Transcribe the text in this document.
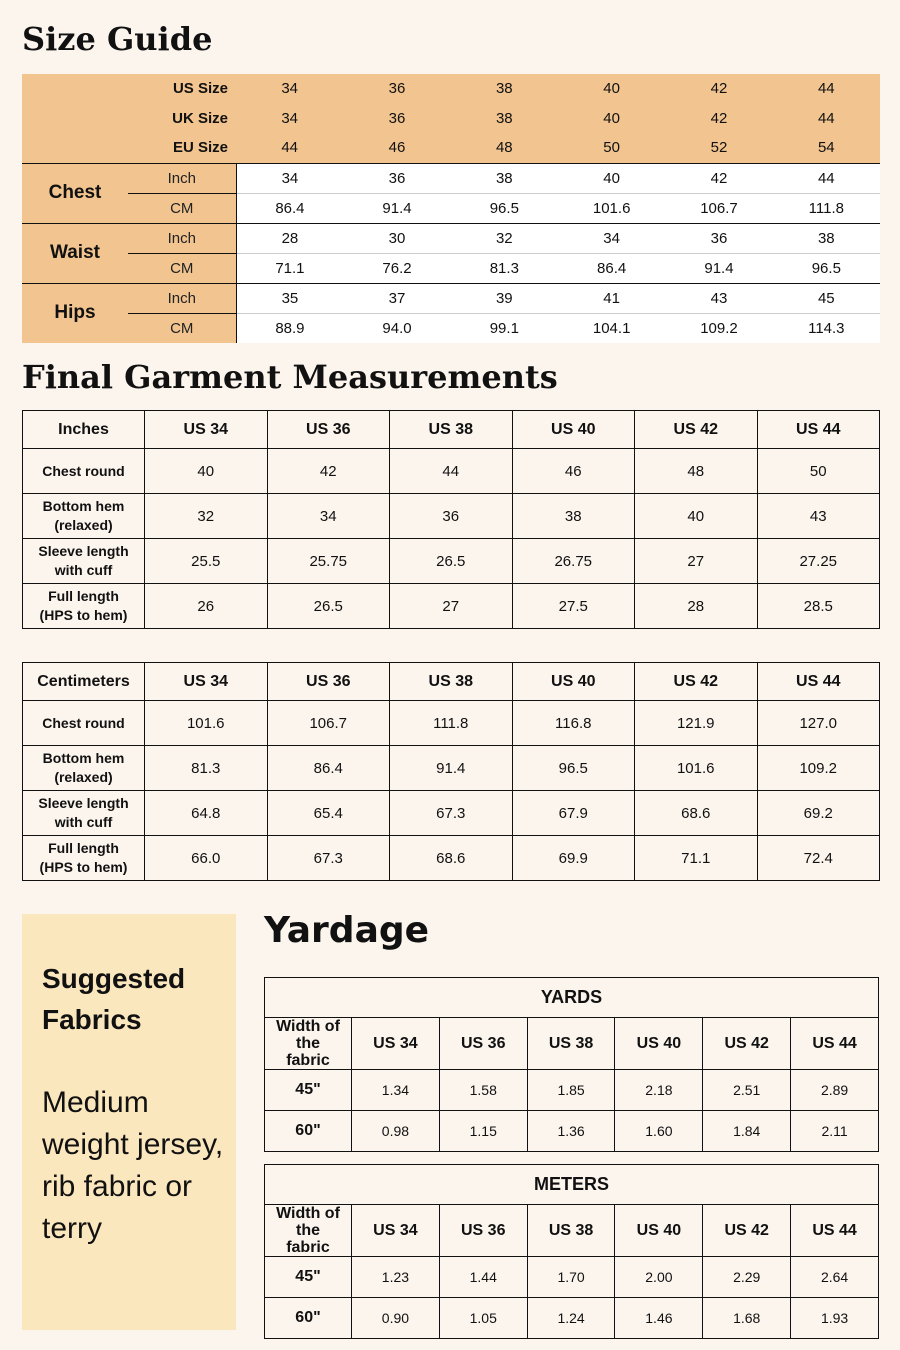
Size Guide
US Size		34	36	38	40	42	44
UK Size		34	36	38	40	42	44
EU Size		44	46	48	50	52	54
Chest	Inch	34	36	38	40	42	44
	CM	86.4	91.4	96.5	101.6	106.7	111.8
Waist	Inch	28	30	32	34	36	38
	CM	71.1	76.2	81.3	86.4	91.4	96.5
Hips	Inch	35	37	39	41	43	45
	CM	88.9	94.0	99.1	104.1	109.2	114.3
Final Garment Measurements
Inches	US 34	US 36	US 38	US 40	US 42	US 44

Chest round	40	42	44	46	48	50

Bottom hem
(relaxed)	32	34	36	38	40	43

Sleeve length
with cuff	25.5	25.75	26.5	26.75	27	27.25

Full length
(HPS to hem)	26	26.5	27	27.5	28	28.5
Centimeters	US 34	US 36	US 38	US 40	US 42	US 44

Chest round	101.6	106.7	111.8	116.8	121.9	127.0

Bottom hem
(relaxed)	81.3	86.4	91.4	96.5	101.6	109.2

Sleeve length
with cuff	64.8	65.4	67.3	67.9	68.6	69.2

Full length
(HPS to hem)	66.0	67.3	68.6	69.9	71.1	72.4
Suggested Fabrics
Medium weight jersey, rib fabric or terry
Yardage
YARDS						

Width of the
fabric	US 34	US 36	US 38	US 40	US 42	US 44
45"	1.34	1.58	1.85	2.18	2.51	2.89
60"	0.98	1.15	1.36	1.60	1.84	2.11
METERS						

Width of the
fabric	US 34	US 36	US 38	US 40	US 42	US 44
45"	1.23	1.44	1.70	2.00	2.29	2.64
60"	0.90	1.05	1.24	1.46	1.68	1.93
